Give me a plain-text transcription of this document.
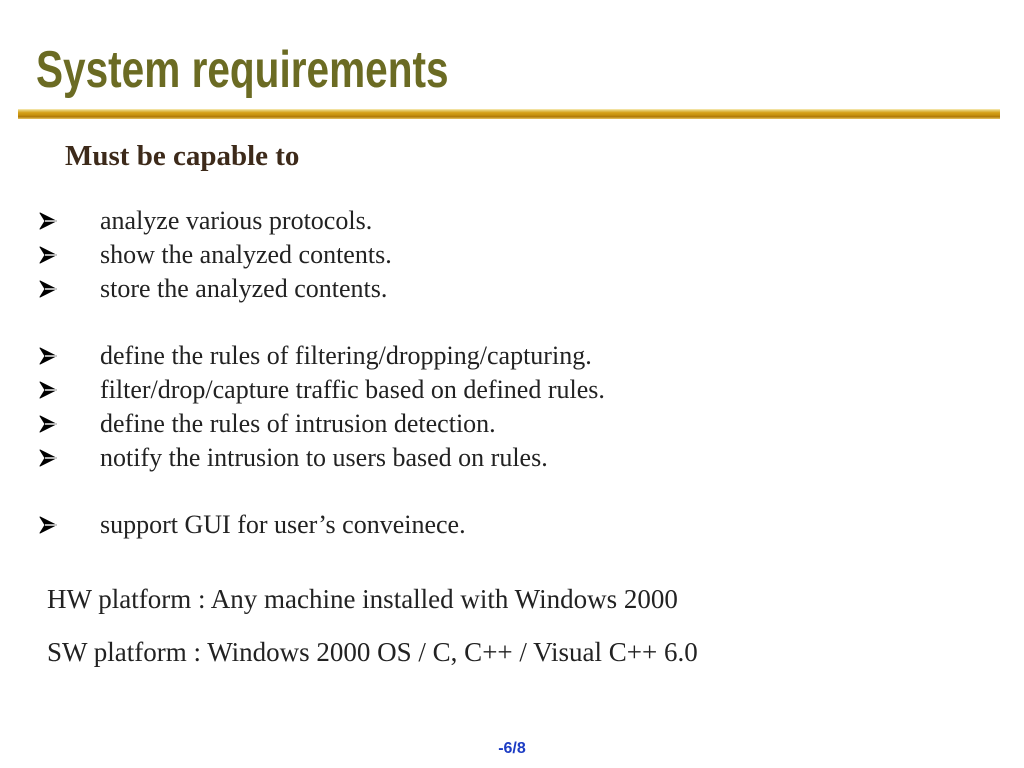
System requirements
Must be capable to
analyze various protocols.
show the analyzed contents.
store the analyzed contents.
define the rules of filtering/dropping/capturing.
filter/drop/capture traffic based on defined rules.
define the rules of intrusion detection.
notify the intrusion to users based on rules.
support GUI for user’s conveinece.

HW platform : Any machine installed with Windows 2000

SW platform : Windows 2000 OS / C, C++ / Visual C++ 6.0

-6/8
